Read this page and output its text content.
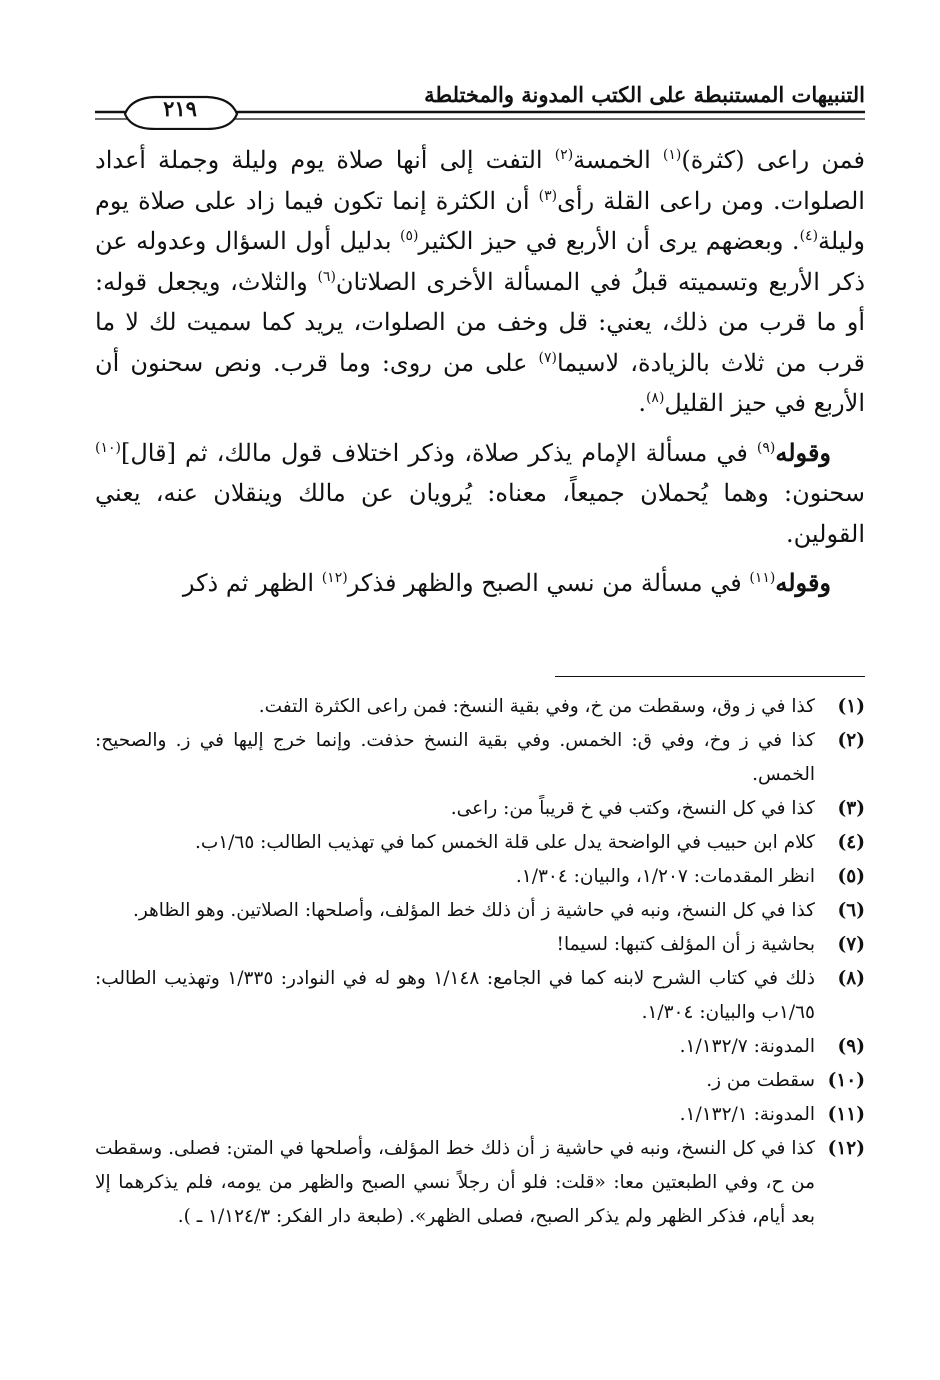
التنبيهات المستنبطة على الكتب المدونة والمختلطة
٢١٩

فمن راعى (كثرة)$^{(١)}$ الخمسة$^{(٢)}$ التفت إلى أنها صلاة يوم وليلة وجملة أعداد الصلوات. ومن راعى القلة رأى$^{(٣)}$ أن الكثرة إنما تكون فيما زاد على صلاة يوم وليلة$^{(٤)}$. وبعضهم يرى أن الأربع في حيز الكثير$^{(٥)}$ بدليل أول السؤال وعدوله عن ذكر الأربع وتسميته قبلُ في المسألة الأخرى الصلاتان$^{(٦)}$ والثلاث، ويجعل قوله: أو ما قرب من ذلك، يعني: قل وخف من الصلوات، يريد كما سميت لك لا ما قرب من ثلاث بالزيادة، لاسيما$^{(٧)}$ على من روى: وما قرب. ونص سحنون أن الأربع في حيز القليل$^{(٨)}$.

وقوله$^{(٩)}$ في مسألة الإمام يذكر صلاة، وذكر اختلاف قول مالك، ثم [قال]$^{(١٠)}$ سحنون: وهما يُحملان جميعاً، معناه: يُرويان عن مالك وينقلان عنه، يعني القولين.

وقوله$^{(١١)}$ في مسألة من نسي الصبح والظهر فذكر$^{(١٢)}$ الظهر ثم ذكر

(١)
كذا في ز وق، وسقطت من خ، وفي بقية النسخ: فمن راعى الكثرة التفت.
(٢)
كذا في ز وخ، وفي ق: الخمس. وفي بقية النسخ حذفت. وإنما خرج إليها في ز. والصحيح: الخمس.
(٣)
كذا في كل النسخ، وكتب في خ قريباً من: راعى.
(٤)
كلام ابن حبيب في الواضحة يدل على قلة الخمس كما في تهذيب الطالب: ١/٦٥ب.
(٥)
انظر المقدمات: ١/٢٠٧، والبيان: ١/٣٠٤.
(٦)
كذا في كل النسخ، ونبه في حاشية ز أن ذلك خط المؤلف، وأصلحها: الصلاتين. وهو الظاهر.
(٧)
بحاشية ز أن المؤلف كتبها: لسيما!
(٨)
ذلك في كتاب الشرح لابنه كما في الجامع: ١/١٤٨ وهو له في النوادر: ١/٣٣٥ وتهذيب الطالب: ١/٦٥ب والبيان: ١/٣٠٤.
(٩)
المدونة: ١/١٣٢/٧.
(١٠)
سقطت من ز.
(١١)
المدونة: ١/١٣٢/١.
(١٢)
كذا في كل النسخ، ونبه في حاشية ز أن ذلك خط المؤلف، وأصلحها في المتن: فصلى. وسقطت من ح، وفي الطبعتين معا: «قلت: فلو أن رجلاً نسي الصبح والظهر من يومه، فلم يذكرهما إلا بعد أيام، فذكر الظهر ولم يذكر الصبح، فصلى الظهر». (طبعة دار الفكر: ١/١٢٤/٣ ـ ).
